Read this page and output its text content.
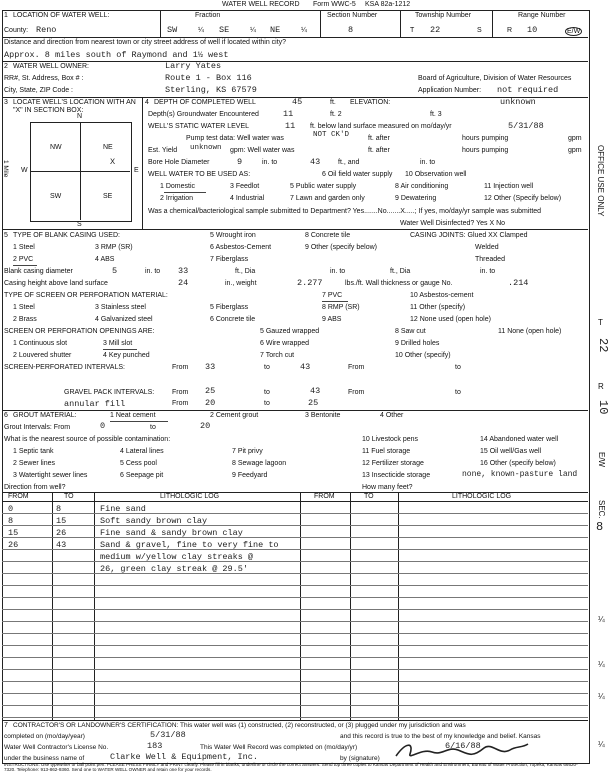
WATER WELL RECORD Form WWC-5 KSA 82a-1212
1 LOCATION OF WATER WELL:
County: Reno
Fraction
SW	¼ SE	¼ NE	¼
Section Number
8
Township Number
T 22	S
Range Number
R 10	E/W
Distance and direction from nearest town or city street address of well if located within city?
Approx. 8 miles south of Raymond and 1½ west
2 WATER WELL OWNER:	Larry Yates
RR#, St. Address, Box # :	Route 1 - Box 116	Board of Agriculture, Division of Water Resources
City, State, ZIP Code :	Sterling, KS 67579	Application Number: not required
3 LOCATE WELL'S LOCATION WITH AN "X" IN SECTION BOX:
N
S
W	E
NW	NE
SW	SE
X
1 Mile
4 DEPTH OF COMPLETED WELL	45	ft. ELEVATION:	unknown
Depth(s) Groundwater Encountered	11	ft. 2	ft. 3
WELL'S STATIC WATER LEVEL	11 ft. below land surface measured on mo/day/yr	5/31/88
Pump test data: Well water was	NOT CK'D	ft. after	hours pumping	gpm
Est. Yield unknown gpm: Well water was	ft. after	hours pumping	gpm
Bore Hole Diameter	9	in. to	43	ft., and	in. to
WELL WATER TO BE USED AS:
1 Domestic	3 Feedlot	5 Public water supply	8 Air conditioning	11 Injection well
2 Irrigation	4 Industrial	7 Lawn and garden only
6 Oil field water supply
9 Dewatering	12 Other (Specify below)
10 Observation well
Was a chemical/bacteriological sample submitted to Department? Yes.......No.......X.....; If yes, mo/day/yr sample was submitted
Water Well Disinfected? Yes X No
5 TYPE OF BLANK CASING USED:
1 Steel
2 PVC
3 RMP (SR)
4 ABS
5 Wrought iron
6 Asbestos-Cement
7 Fiberglass
8 Concrete tile
9 Other (specify below)
CASING JOINTS: Glued XX Clamped
Welded
Threaded
Blank casing diameter	5	in. to 33	ft., Dia	in. to	ft., Dia	in. to
Casing height above land surface	24	in., weight	2.277	lbs./ft. Wall thickness or gauge No.	.214
TYPE OF SCREEN OR PERFORATION MATERIAL:
1 Steel
2 Brass
3 Stainless steel
4 Galvanized steel
5 Fiberglass
6 Concrete tile
7 PVC
8 RMP (SR)
9 ABS
10 Asbestos-cement
11 Other (specify)
12 None used (open hole)
SCREEN OR PERFORATION OPENINGS ARE:
1 Continuous slot
2 Louvered shutter
3 Mill slot
4 Key punched
5 Gauzed wrapped
6 Wire wrapped
7 Torch cut
8 Saw cut
9 Drilled holes
10 Other (specify)
11 None (open hole)
SCREEN-PERFORATED INTERVALS:	From 33	to	43	From	to
GRAVEL PACK INTERVALS:
annular fill
From 25	to	43
From 20	to	25
From	to
6 GROUT MATERIAL:	1 Neat cement	2 Cement grout	3 Bentonite	4 Other
Grout Intervals: From	0	to	20
What is the nearest source of possible contamination:
1 Septic tank
2 Sewer lines
3 Watertight sewer lines
4 Lateral lines
5 Cess pool
6 Seepage pit
7 Pit privy
8 Sewage lagoon
9 Feedyard
10 Livestock pens
11 Fuel storage
12 Fertilizer storage
13 Insecticide storage
14 Abandoned water well
15 Oil well/Gas well
16 Other (specify below)
none, known-pasture land
Direction from well?	How many feet?
FROM	TO	LITHOLOGIC LOG	FROM	TO	LITHOLOGIC LOG
0	8	Fine sand
8	15	Soft sandy brown clay
15	26	Fine sand & sandy brown clay
26	43	Sand & gravel, fine to very fine to
medium w/yellow clay streaks @
26, green clay streak @ 29.5'
7 CONTRACTOR'S OR LANDOWNER'S CERTIFICATION: This water well was (1) constructed, (2) reconstructed, or (3) plugged under my jurisdiction and was
completed on (mo/day/year)	5/31/88	and this record is true to the best of my knowledge and belief. Kansas
Water Well Contractor's License No.	183	This Water Well Record was completed on (mo/day/yr)	6/16/88
under the business name of	Clarke Well & Equipment, Inc.	by (signature)
INSTRUCTIONS: Use typewriter or ball point pen. PLEASE PRESS FIRMLY and PRINT clearly. Please fill in blanks, underline or circle the correct answers. Send top three copies to Kansas Department of Health and Environment, Bureau of Water Protection, Topeka, Kansas 66620-7320. Telephone: 913-862-9360. Send one to WATER WELL OWNER and retain one for your records.
OFFICE USE ONLY
T
22
R
10
E/W
SEC.
8
¼
¼
¼
¼
